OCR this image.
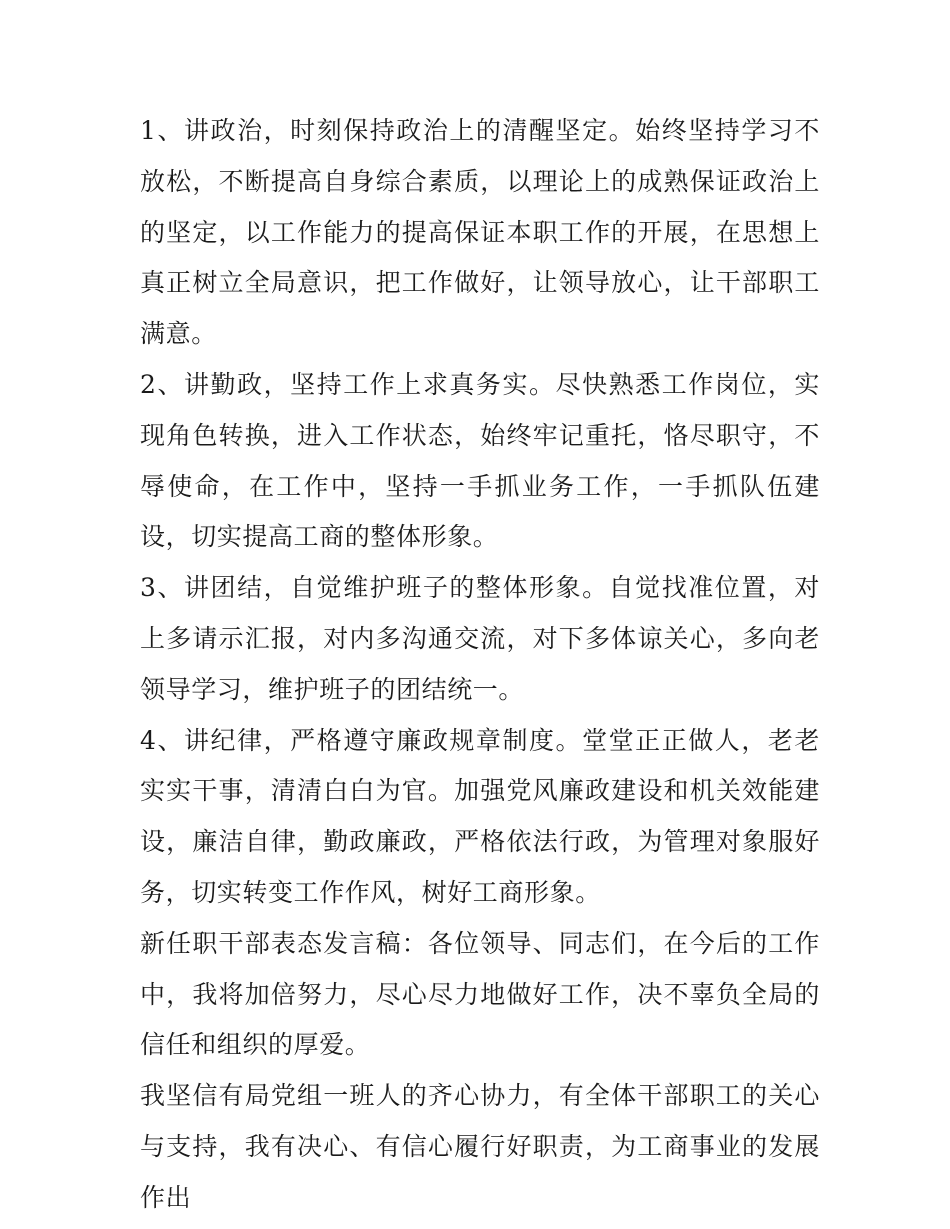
1、讲政治，时刻保持政治上的清醒坚定。始终坚持学习不放松，不断提高自身综合素质，以理论上的成熟保证政治上的坚定，以工作能力的提高保证本职工作的开展，在思想上真正树立全局意识，把工作做好，让领导放心，让干部职工满意。

2、讲勤政，坚持工作上求真务实。尽快熟悉工作岗位，实现角色转换，进入工作状态，始终牢记重托，恪尽职守，不辱使命，在工作中，坚持一手抓业务工作，一手抓队伍建设，切实提高工商的整体形象。

3、讲团结，自觉维护班子的整体形象。自觉找准位置，对上多请示汇报，对内多沟通交流，对下多体谅关心，多向老领导学习，维护班子的团结统一。

4、讲纪律，严格遵守廉政规章制度。堂堂正正做人，老老实实干事，清清白白为官。加强党风廉政建设和机关效能建设，廉洁自律，勤政廉政，严格依法行政，为管理对象服好务，切实转变工作作风，树好工商形象。

新任职干部表态发言稿：各位领导、同志们，在今后的工作中，我将加倍努力，尽心尽力地做好工作，决不辜负全局的信任和组织的厚爱。

我坚信有局党组一班人的齐心协力，有全体干部职工的关心与支持，我有决心、有信心履行好职责，为工商事业的发展作出
